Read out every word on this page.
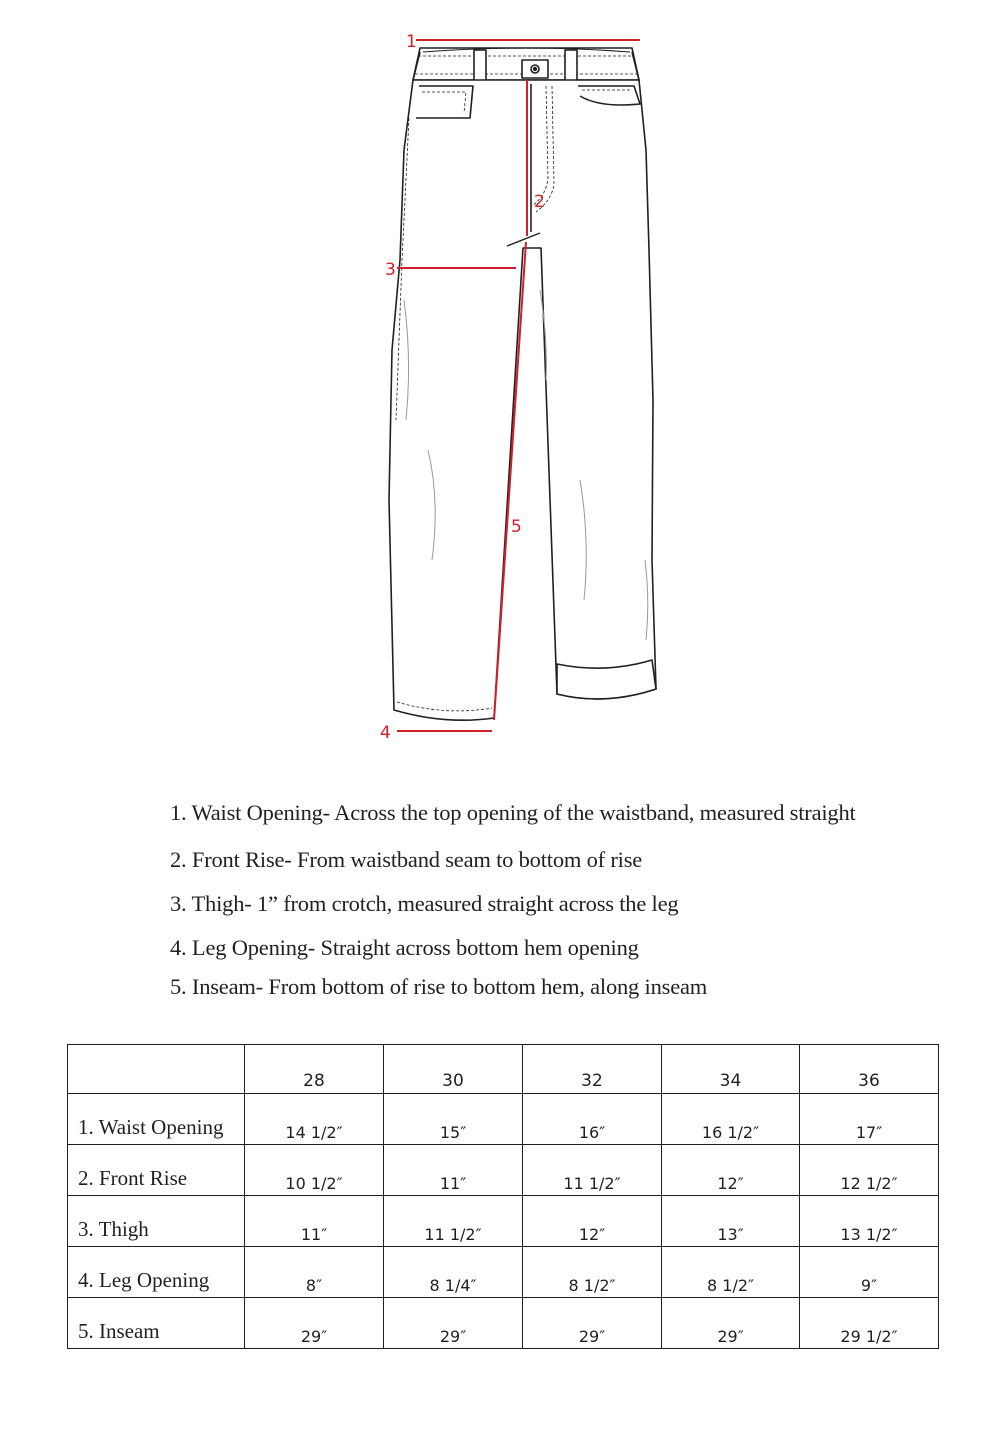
1
2
3
4
5
1. Waist Opening- Across the top opening of the waistband, measured straight
2. Front Rise- From waistband seam to bottom of rise
3. Thigh- 1” from crotch, measured straight across the leg
4. Leg Opening- Straight across bottom hem opening
5. Inseam- From bottom of rise to bottom hem, along inseam
	28	30	32	34	36
1. Waist Opening	14 1/2″	15″	16″	16 1/2″	17″
2. Front Rise	10 1/2″	11″	11 1/2″	12″	12 1/2″
3. Thigh	11″	11 1/2″	12″	13″	13 1/2″
4. Leg Opening	8″	8 1/4″	8 1/2″	8 1/2″	9″
5. Inseam	29″	29″	29″	29″	29 1/2″
